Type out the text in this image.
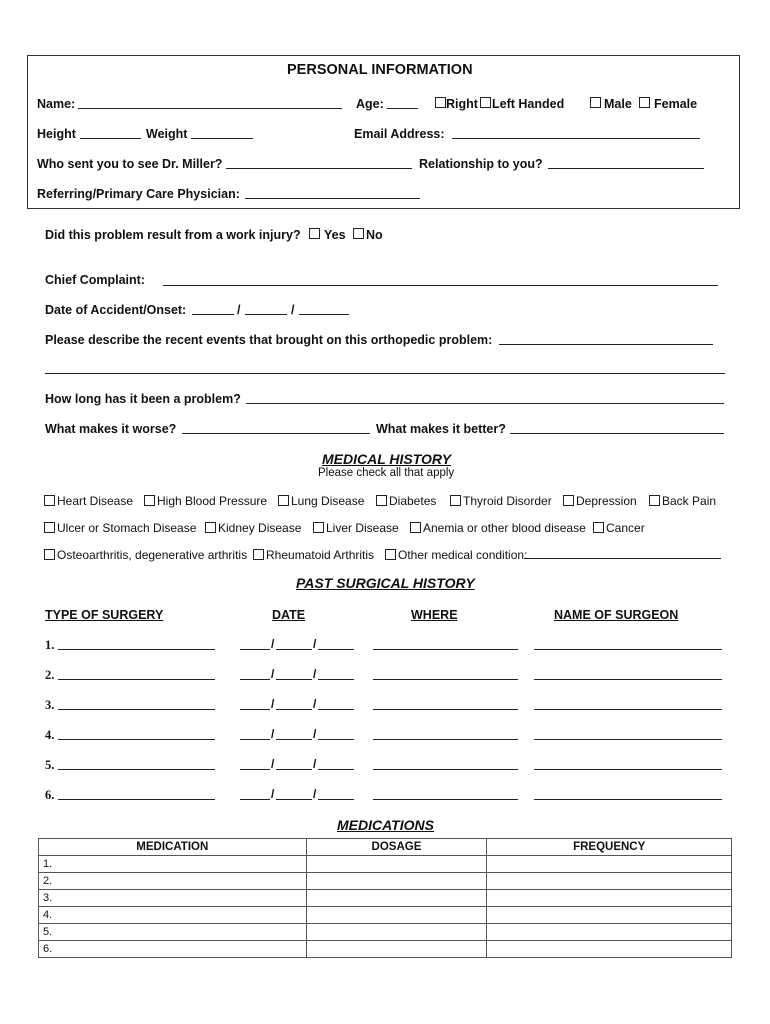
PERSONAL INFORMATION
Name:	Age:	Right Left Handed	Male Female
Height	Weight	Email Address:
Who sent you to see Dr. Miller?	Relationship to you?
Referring/Primary Care Physician:
Did this problem result from a work injury? Yes No
Chief Complaint:
Date of Accident/Onset:	/	/
Please describe the recent events that brought on this orthopedic problem:
How long has it been a problem?
What makes it worse?	What makes it better?
MEDICAL HISTORY
Please check all that apply
Heart Disease	High Blood Pressure	Lung Disease	Diabetes	Thyroid Disorder	Depression	Back Pain
Ulcer or Stomach Disease	Kidney Disease	Liver Disease	Anemia or other blood disease	Cancer
Osteoarthritis, degenerative arthritis	Rheumatoid Arthritis	Other medical condition:
PAST SURGICAL HISTORY
TYPE OF SURGERY	DATE	WHERE	NAME OF SURGEON
1.	/	/
2.	/	/
3.	/	/
4.	/	/
5.	/	/
6.	/	/
MEDICATIONS
MEDICATION	DOSAGE	FREQUENCY
1.		
2.		
3.		
4.		
5.		
6.		
